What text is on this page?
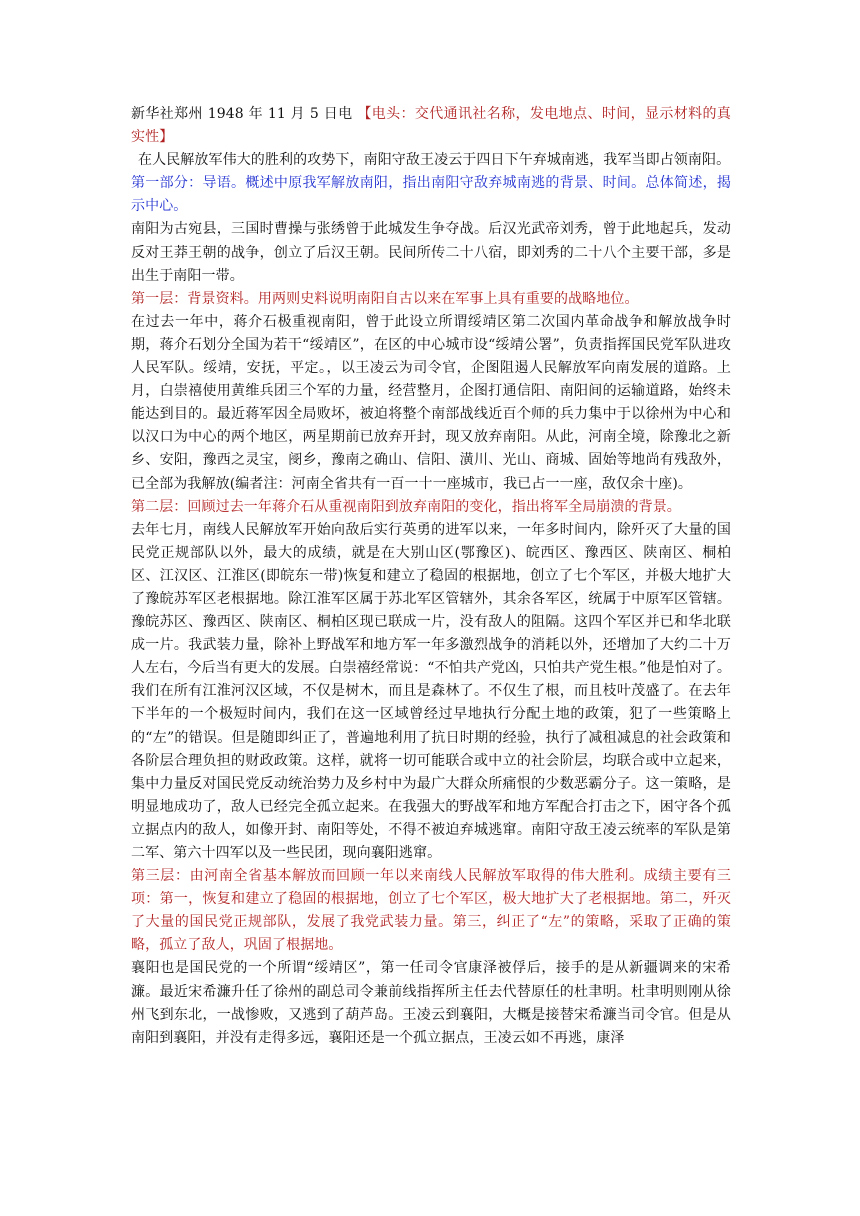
新华社郑州 1948 年 11 月 5 日电 【电头：交代通讯社名称，发电地点、时间，显示材料的真实性】

在人民解放军伟大的胜利的攻势下，南阳守敌王凌云于四日下午弃城南逃，我军当即占领南阳。

第一部分：导语。概述中原我军解放南阳，指出南阳守敌弃城南逃的背景、时间。总体简述，揭示中心。

南阳为古宛县，三国时曹操与张绣曾于此城发生争夺战。后汉光武帝刘秀，曾于此地起兵，发动反对王莽王朝的战争，创立了后汉王朝。民间所传二十八宿，即刘秀的二十八个主要干部，多是出生于南阳一带。

第一层：背景资料。用两则史料说明南阳自古以来在军事上具有重要的战略地位。

在过去一年中，蒋介石极重视南阳，曾于此设立所谓绥靖区第二次国内革命战争和解放战争时期，蒋介石划分全国为若干“绥靖区”，在区的中心城市设“绥靖公署”，负责指挥国民党军队进攻人民军队。绥靖，安抚，平定。，以王凌云为司令官，企图阻遏人民解放军向南发展的道路。上月，白崇禧使用黄维兵团三个军的力量，经营整月，企图打通信阳、南阳间的运输道路，始终未能达到目的。最近蒋军因全局败坏，被迫将整个南部战线近百个师的兵力集中于以徐州为中心和以汉口为中心的两个地区，两星期前已放弃开封，现又放弃南阳。从此，河南全境，除豫北之新乡、安阳，豫西之灵宝，阌乡，豫南之确山、信阳、潢川、光山、商城、固始等地尚有残敌外，已全部为我解放(编者注：河南全省共有一百一十一座城市，我已占一一座，敌仅余十座)。

第二层：回顾过去一年蒋介石从重视南阳到放弃南阳的变化，指出将军全局崩溃的背景。

去年七月，南线人民解放军开始向敌后实行英勇的进军以来，一年多时间内，除歼灭了大量的国民党正规部队以外，最大的成绩，就是在大别山区(鄂豫区)、皖西区、豫西区、陕南区、桐柏区、江汉区、江淮区(即皖东一带)恢复和建立了稳固的根据地，创立了七个军区，并极大地扩大了豫皖苏军区老根据地。除江淮军区属于苏北军区管辖外，其余各军区，统属于中原军区管辖。豫皖苏区、豫西区、陕南区、桐柏区现已联成一片，没有敌人的阻隔。这四个军区并已和华北联成一片。我武装力量，除补上野战军和地方军一年多激烈战争的消耗以外，还增加了大约二十万人左右，今后当有更大的发展。白崇禧经常说：“不怕共产党凶，只怕共产党生根。”他是怕对了。我们在所有江淮河汉区域，不仅是树木，而且是森林了。不仅生了根，而且枝叶茂盛了。在去年下半年的一个极短时间内，我们在这一区域曾经过早地执行分配土地的政策，犯了一些策略上的“左”的错误。但是随即纠正了，普遍地利用了抗日时期的经验，执行了减租减息的社会政策和各阶层合理负担的财政政策。这样，就将一切可能联合或中立的社会阶层，均联合或中立起来，集中力量反对国民党反动统治势力及乡村中为最广大群众所痛恨的少数恶霸分子。这一策略，是明显地成功了，敌人已经完全孤立起来。在我强大的野战军和地方军配合打击之下，困守各个孤立据点内的敌人，如像开封、南阳等处，不得不被迫弃城逃窜。南阳守敌王凌云统率的军队是第二军、第六十四军以及一些民团，现向襄阳逃窜。

第三层：由河南全省基本解放而回顾一年以来南线人民解放军取得的伟大胜利。成绩主要有三项：第一，恢复和建立了稳固的根据地，创立了七个军区，极大地扩大了老根据地。第二，歼灭了大量的国民党正规部队，发展了我党武装力量。第三，纠正了“左”的策略，采取了正确的策略，孤立了敌人，巩固了根据地。

襄阳也是国民党的一个所谓“绥靖区”，第一任司令官康泽被俘后，接手的是从新疆调来的宋希濂。最近宋希濂升任了徐州的副总司令兼前线指挥所主任去代替原任的杜聿明。杜聿明则刚从徐州飞到东北，一战惨败，又逃到了葫芦岛。王凌云到襄阳，大概是接替宋希濂当司令官。但是从南阳到襄阳，并没有走得多远，襄阳还是一个孤立据点，王凌云如不再逃，康泽
